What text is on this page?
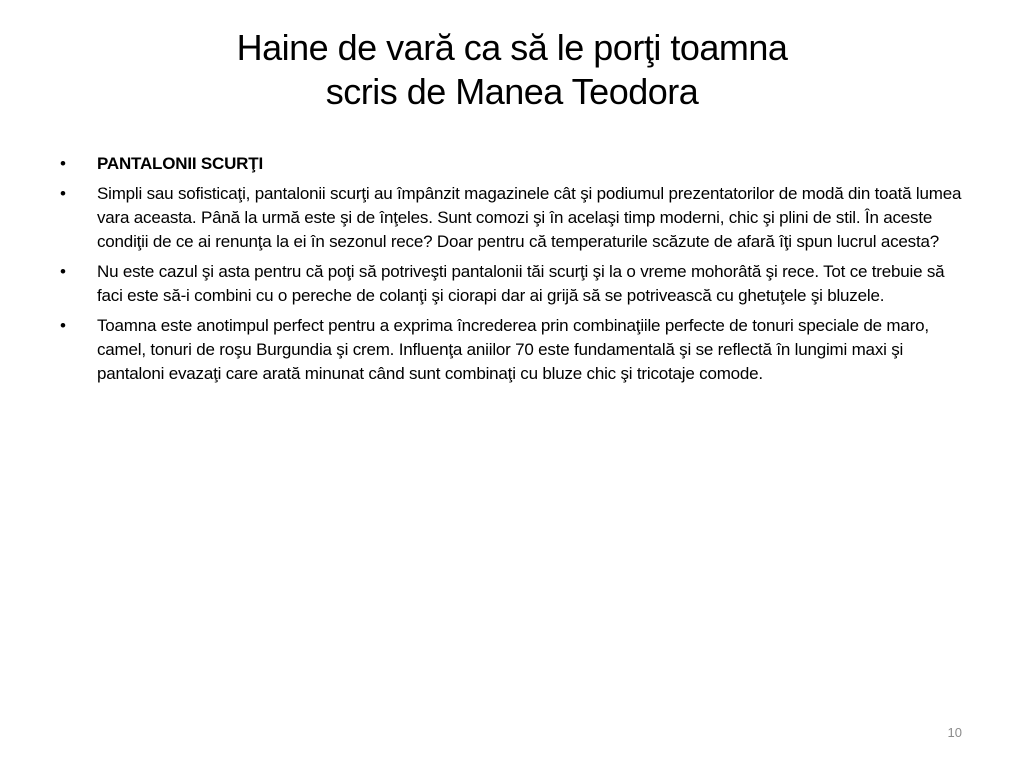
Haine de vară ca să le porţi toamna
scris de Manea Teodora
• PANTALONII SCURŢI
• Simpli sau sofisticaţi, pantalonii scurţi au împânzit magazinele cât şi podiumul prezentatorilor de modă din toată lumea vara aceasta. Până la urmă este şi de înţeles. Sunt comozi şi în acelaşi timp moderni, chic şi plini de stil. În aceste condiţii de ce ai renunţa la ei în sezonul rece? Doar pentru că temperaturile scăzute de afară îţi spun lucrul acesta?
• Nu este cazul şi asta pentru că poţi să potriveşti pantalonii tăi scurţi şi la o vreme mohorâtă şi rece. Tot ce trebuie să faci este să-i combini cu o pereche de colanţi şi ciorapi dar ai grijă să se potrivească cu ghetuţele şi bluzele.
• Toamna este anotimpul perfect pentru a exprima încrederea prin combinaţiile perfecte de tonuri speciale de maro, camel, tonuri de roşu Burgundia şi crem. Influenţa aniilor 70 este fundamentală şi se reflectă în lungimi maxi şi pantaloni evazaţi care arată minunat când sunt combinaţi cu bluze chic şi tricotaje comode.
10
